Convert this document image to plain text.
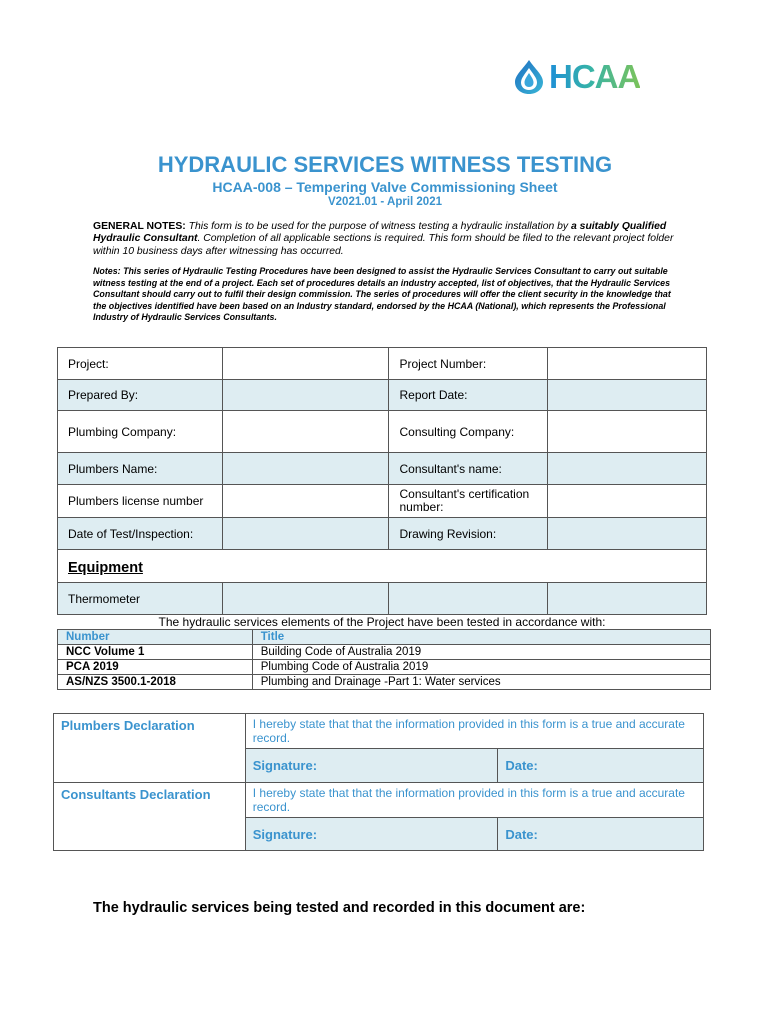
HCAA
HYDRAULIC SERVICES WITNESS TESTING
HCAA-008 – Tempering Valve Commissioning Sheet
V2021.01 - April 2021
GENERAL NOTES: This form is to be used for the purpose of witness testing a hydraulic installation by a suitably Qualified Hydraulic Consultant. Completion of all applicable sections is required. This form should be filed to the relevant project folder within 10 business days after witnessing has occurred.
Notes: This series of Hydraulic Testing Procedures have been designed to assist the Hydraulic Services Consultant to carry out suitable witness testing at the end of a project. Each set of procedures details an industry accepted, list of objectives, that the Hydraulic Services Consultant should carry out to fulfil their design commission. The series of procedures will offer the client security in the knowledge that the objectives identified have been based on an Industry standard, endorsed by the HCAA (National), which represents the Professional Industry of Hydraulic Services Consultants.
Project:		Project Number:	
Prepared By:		Report Date:	
Plumbing Company:		Consulting Company:	
Plumbers Name:		Consultant's name:	
Plumbers license number		Consultant's certification number:	
Date of Test/Inspection:		Drawing Revision:	
Equipment			
Thermometer			
The hydraulic services elements of the Project have been tested in accordance with:
Number	Title
NCC Volume 1	Building Code of Australia 2019
PCA 2019	Plumbing Code of Australia 2019
AS/NZS 3500.1-2018	Plumbing and Drainage -Part 1: Water services
Plumbers Declaration	I hereby state that that the information provided in this form is a true and accurate record.	
	Signature:	Date:
Consultants Declaration	I hereby state that that the information provided in this form is a true and accurate record.	
	Signature:	Date:
The hydraulic services being tested and recorded in this document are:
